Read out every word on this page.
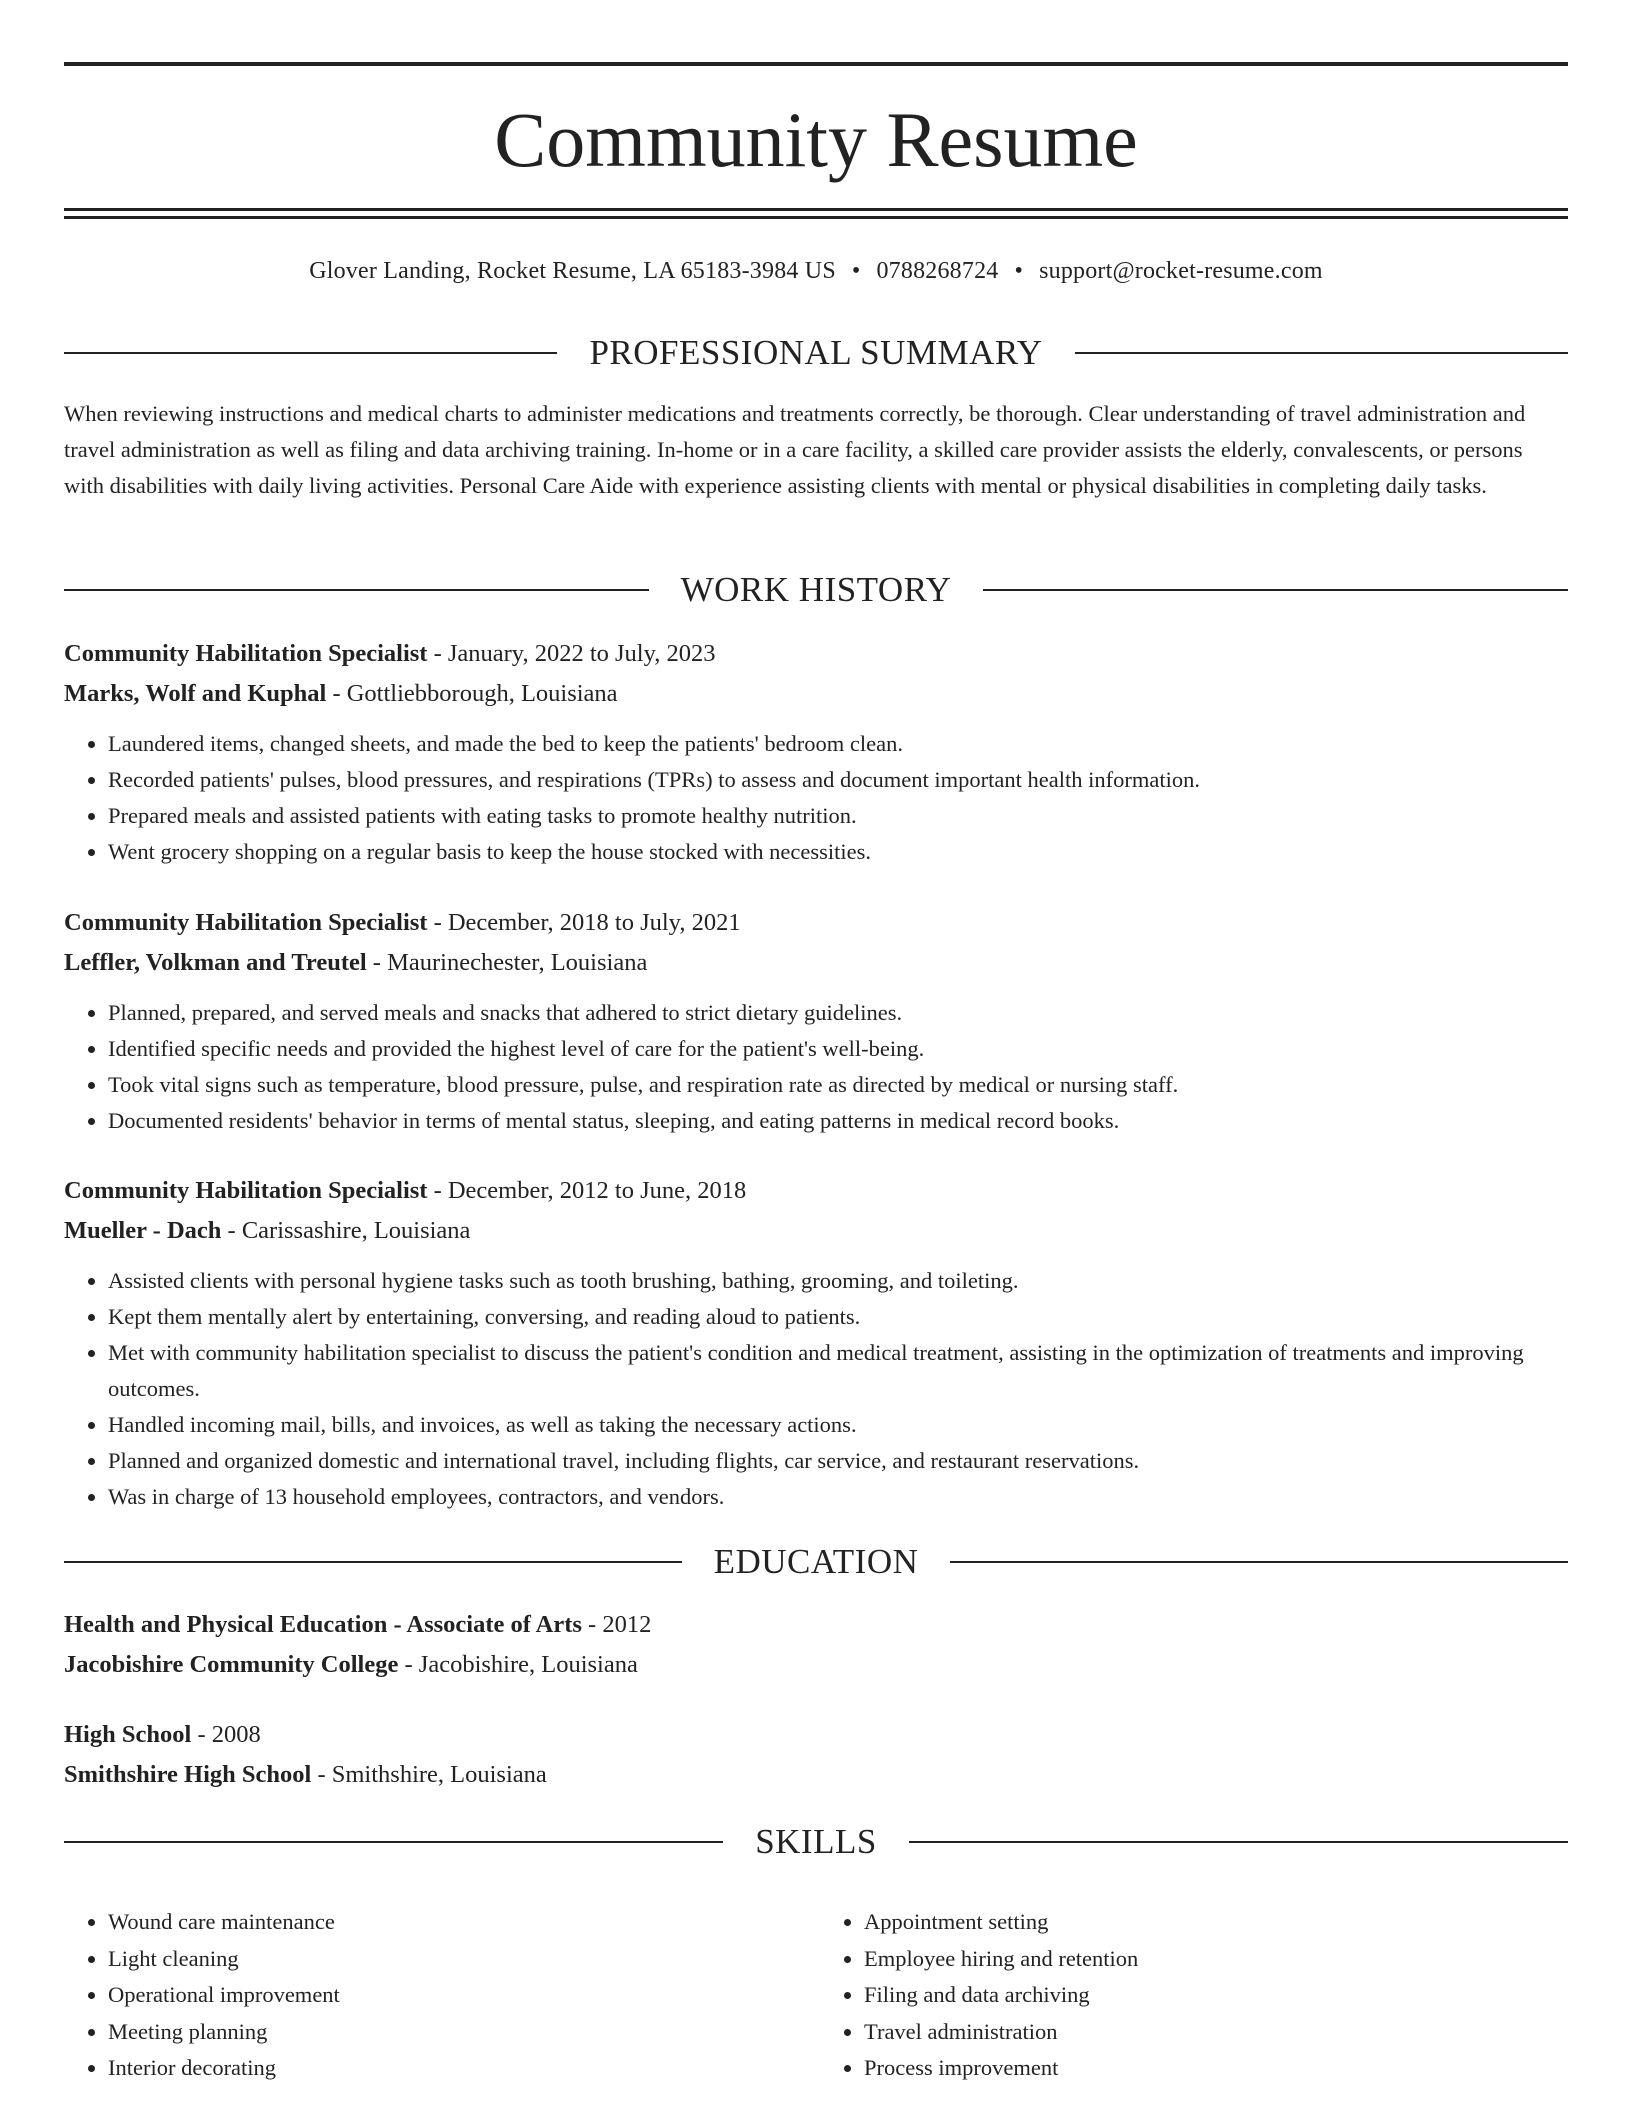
Community Resume
Glover Landing, Rocket Resume, LA 65183-3984 US • 0788268724 • support@rocket-resume.com
PROFESSIONAL SUMMARY
When reviewing instructions and medical charts to administer medications and treatments correctly, be thorough. Clear understanding of travel administration and travel administration as well as filing and data archiving training. In-home or in a care facility, a skilled care provider assists the elderly, convalescents, or persons with disabilities with daily living activities. Personal Care Aide with experience assisting clients with mental or physical disabilities in completing daily tasks.
WORK HISTORY
Community Habilitation Specialist - January, 2022 to July, 2023
Marks, Wolf and Kuphal - Gottliebborough, Louisiana
• Laundered items, changed sheets, and made the bed to keep the patients' bedroom clean.
• Recorded patients' pulses, blood pressures, and respirations (TPRs) to assess and document important health information.
• Prepared meals and assisted patients with eating tasks to promote healthy nutrition.
• Went grocery shopping on a regular basis to keep the house stocked with necessities.
Community Habilitation Specialist - December, 2018 to July, 2021
Leffler, Volkman and Treutel - Maurinechester, Louisiana
• Planned, prepared, and served meals and snacks that adhered to strict dietary guidelines.
• Identified specific needs and provided the highest level of care for the patient's well-being.
• Took vital signs such as temperature, blood pressure, pulse, and respiration rate as directed by medical or nursing staff.
• Documented residents' behavior in terms of mental status, sleeping, and eating patterns in medical record books.
Community Habilitation Specialist - December, 2012 to June, 2018
Mueller - Dach - Carissashire, Louisiana
• Assisted clients with personal hygiene tasks such as tooth brushing, bathing, grooming, and toileting.
• Kept them mentally alert by entertaining, conversing, and reading aloud to patients.
• Met with community habilitation specialist to discuss the patient's condition and medical treatment, assisting in the optimization of treatments and improving outcomes.
• Handled incoming mail, bills, and invoices, as well as taking the necessary actions.
• Planned and organized domestic and international travel, including flights, car service, and restaurant reservations.
• Was in charge of 13 household employees, contractors, and vendors.
EDUCATION
Health and Physical Education - Associate of Arts - 2012
Jacobishire Community College - Jacobishire, Louisiana
High School - 2008
Smithshire High School - Smithshire, Louisiana
SKILLS
• Wound care maintenance
• Light cleaning
• Operational improvement
• Meeting planning
• Interior decorating
• Appointment setting
• Employee hiring and retention
• Filing and data archiving
• Travel administration
• Process improvement
